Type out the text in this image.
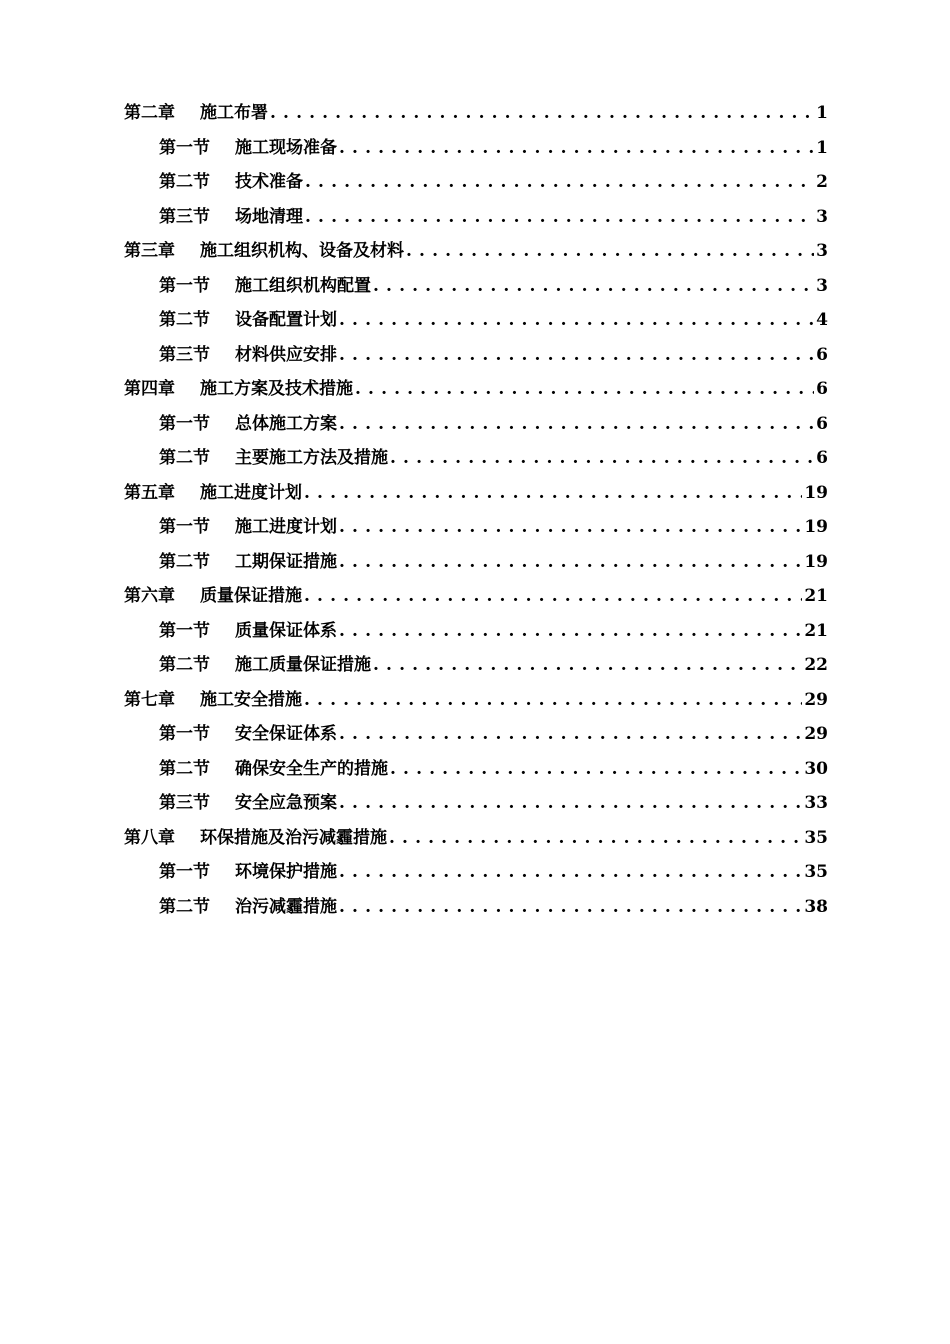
第二章	施工布署 . . .	1
第一节	施工现场准备 . . .	1
第二节	技术准备 . . .	2
第三节	场地清理 . . .	3
第三章	施工组织机构、设备及材料 . . .	3
第一节	施工组织机构配置 . . .	3
第二节	设备配置计划 . . .	4
第三节	材料供应安排 . . .	6
第四章	施工方案及技术措施 . . .	6
第一节	总体施工方案 . . .	6
第二节	主要施工方法及措施 . . .	6
第五章	施工进度计划 . . .	19
第一节	施工进度计划 . . .	19
第二节	工期保证措施 . . .	19
第六章	质量保证措施 . . .	21
第一节	质量保证体系 . . .	21
第二节	施工质量保证措施 . . .	22
第七章	施工安全措施 . . .	29
第一节	安全保证体系 . . .	29
第二节	确保安全生产的措施 . . .	30
第三节	安全应急预案 . . .	33
第八章	环保措施及治污减霾措施 . . .	35
第一节	环境保护措施 . . .	35
第二节	治污减霾措施 . . .	38
